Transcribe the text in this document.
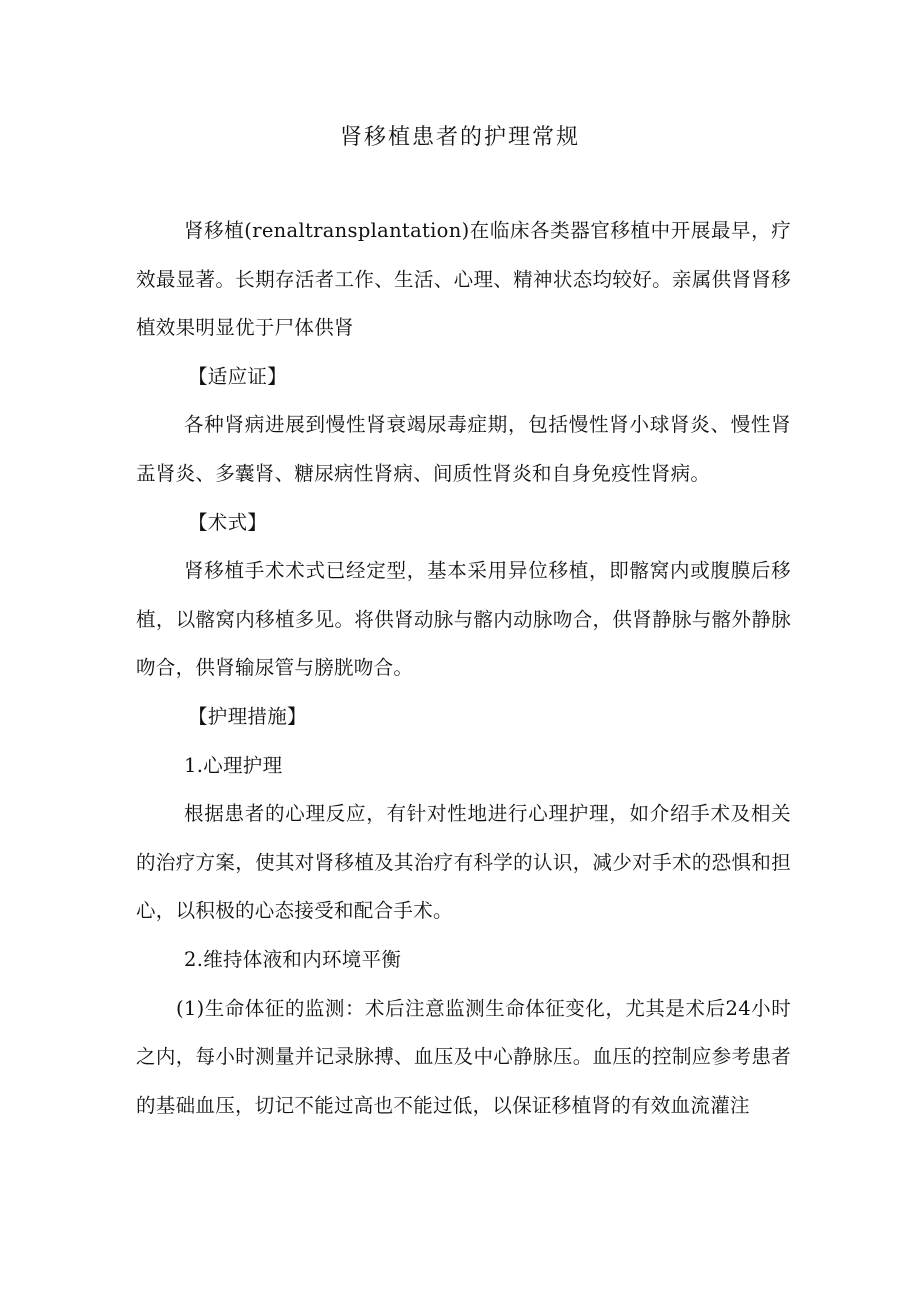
肾移植患者的护理常规

肾移植(renaltransplantation)在临床各类器官移植中开展最早，疗效最显著。长期存活者工作、生活、心理、精神状态均较好。亲属供肾肾移植效果明显优于尸体供肾

【适应证】

各种肾病进展到慢性肾衰竭尿毒症期，包括慢性肾小球肾炎、慢性肾盂肾炎、多囊肾、糖尿病性肾病、间质性肾炎和自身免疫性肾病。

【术式】

肾移植手术术式已经定型，基本采用异位移植，即髂窝内或腹膜后移植，以髂窝内移植多见。将供肾动脉与髂内动脉吻合，供肾静脉与髂外静脉吻合，供肾输尿管与膀胱吻合。

【护理措施】

1.心理护理

根据患者的心理反应，有针对性地进行心理护理，如介绍手术及相关的治疗方案，使其对肾移植及其治疗有科学的认识，减少对手术的恐惧和担心，以积极的心态接受和配合手术。

2.维持体液和内环境平衡

(1)生命体征的监测：术后注意监测生命体征变化，尤其是术后24小时之内，每小时测量并记录脉搏、血压及中心静脉压。血压的控制应参考患者的基础血压，切记不能过高也不能过低，以保证移植肾的有效血流灌注
